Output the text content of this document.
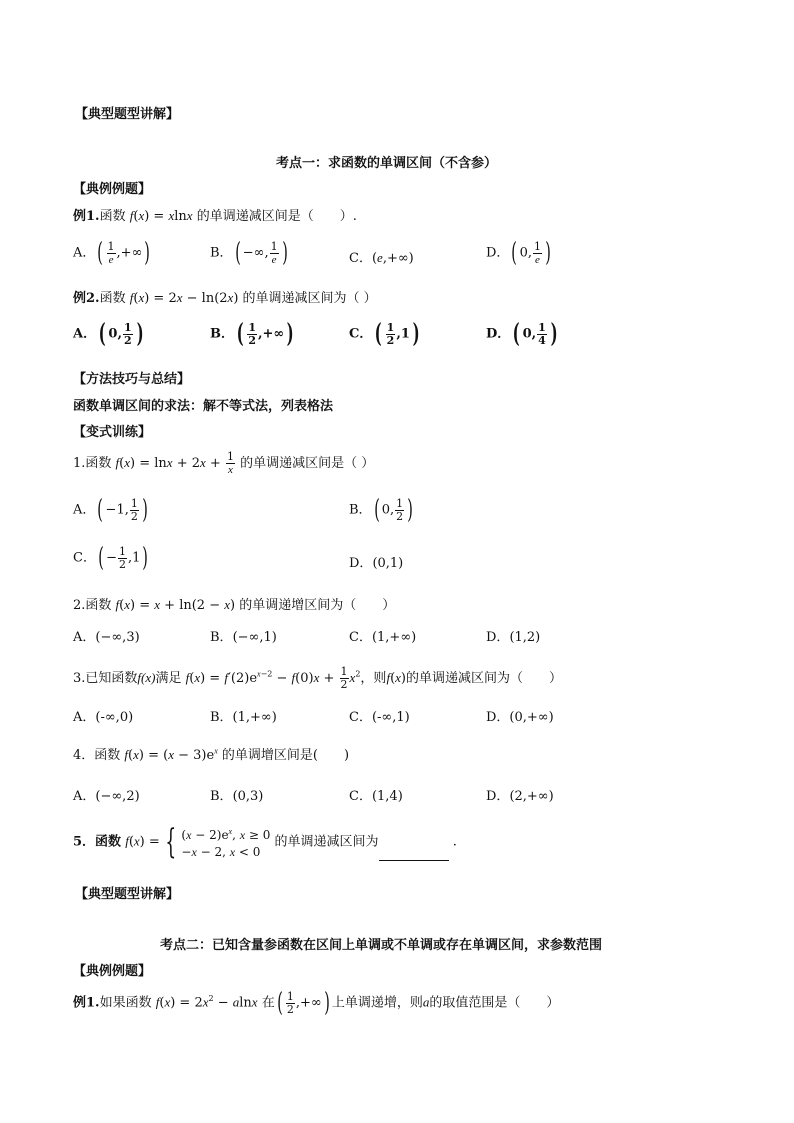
【典型题型讲解】
考点一：求函数的单调区间（不含参）
【典例例题】
例1.函数 f(x) = xlnx 的单调递减区间是（　　）.
A．( $\frac{1}{e}$ ,+∞)	B．( −∞, $\frac{1}{e}$ )	C．(e,+∞)	D．( 0, $\frac{1}{e}$ )
例2.函数 f(x) = 2x − ln(2x) 的单调递减区间为（ ）
A． ( 0, $\frac{1}{2}$ )	B． ( $\frac{1}{2}$ ,+∞ )	C． ( $\frac{1}{2} ,1$ )	D． ( 0, $\frac{1}{4}$ )
【方法技巧与总结】
函数单调区间的求法：解不等式法，列表格法
【变式训练】
1.函数 $f(x) = \ln x + 2x + \frac{1}{x}$ 的单调递减区间是（ ）
A．( −1, $\frac{1}{2}$ )	B．( 0, $\frac{1}{2}$ )
C．( − $\frac{1}{2} ,1$)	D．(0,1)
2.函数 f(x) = x + ln(2 − x) 的单调递增区间为（　　）
A．(−∞,3)	B．(−∞,1)	C．(1,+∞)	D．(1,2)
3.已知函数f(x)满足 $f(x) = f'(2)e^{x-2} - f(0)x + \frac{1}{2} x^2$，则f(x)的单调递减区间为（　　）
A．(-∞,0)	B．(1,+∞)	C．(-∞,1)	D．(0,+∞)
4．函数 $f(x) = (x - 3)e^x$ 的单调增区间是(　　)
A．(−∞,2)	B．(0,3)	C．(1,4)	D．(2,+∞)
5．函数 f(x) = { $(x - 2)e^x$, x ≥ 0
−x − 2, x < 0
的单调递减区间为	.
【典型题型讲解】
考点二：已知含量参函数在区间上单调或不单调或存在单调区间，求参数范围
【典例例题】
例1.如果函数 $f(x) = 2x^2 - alnx$ 在( $\frac{1}{2}$ ,+∞) 上单调递增，则a的取值范围是（　　）
